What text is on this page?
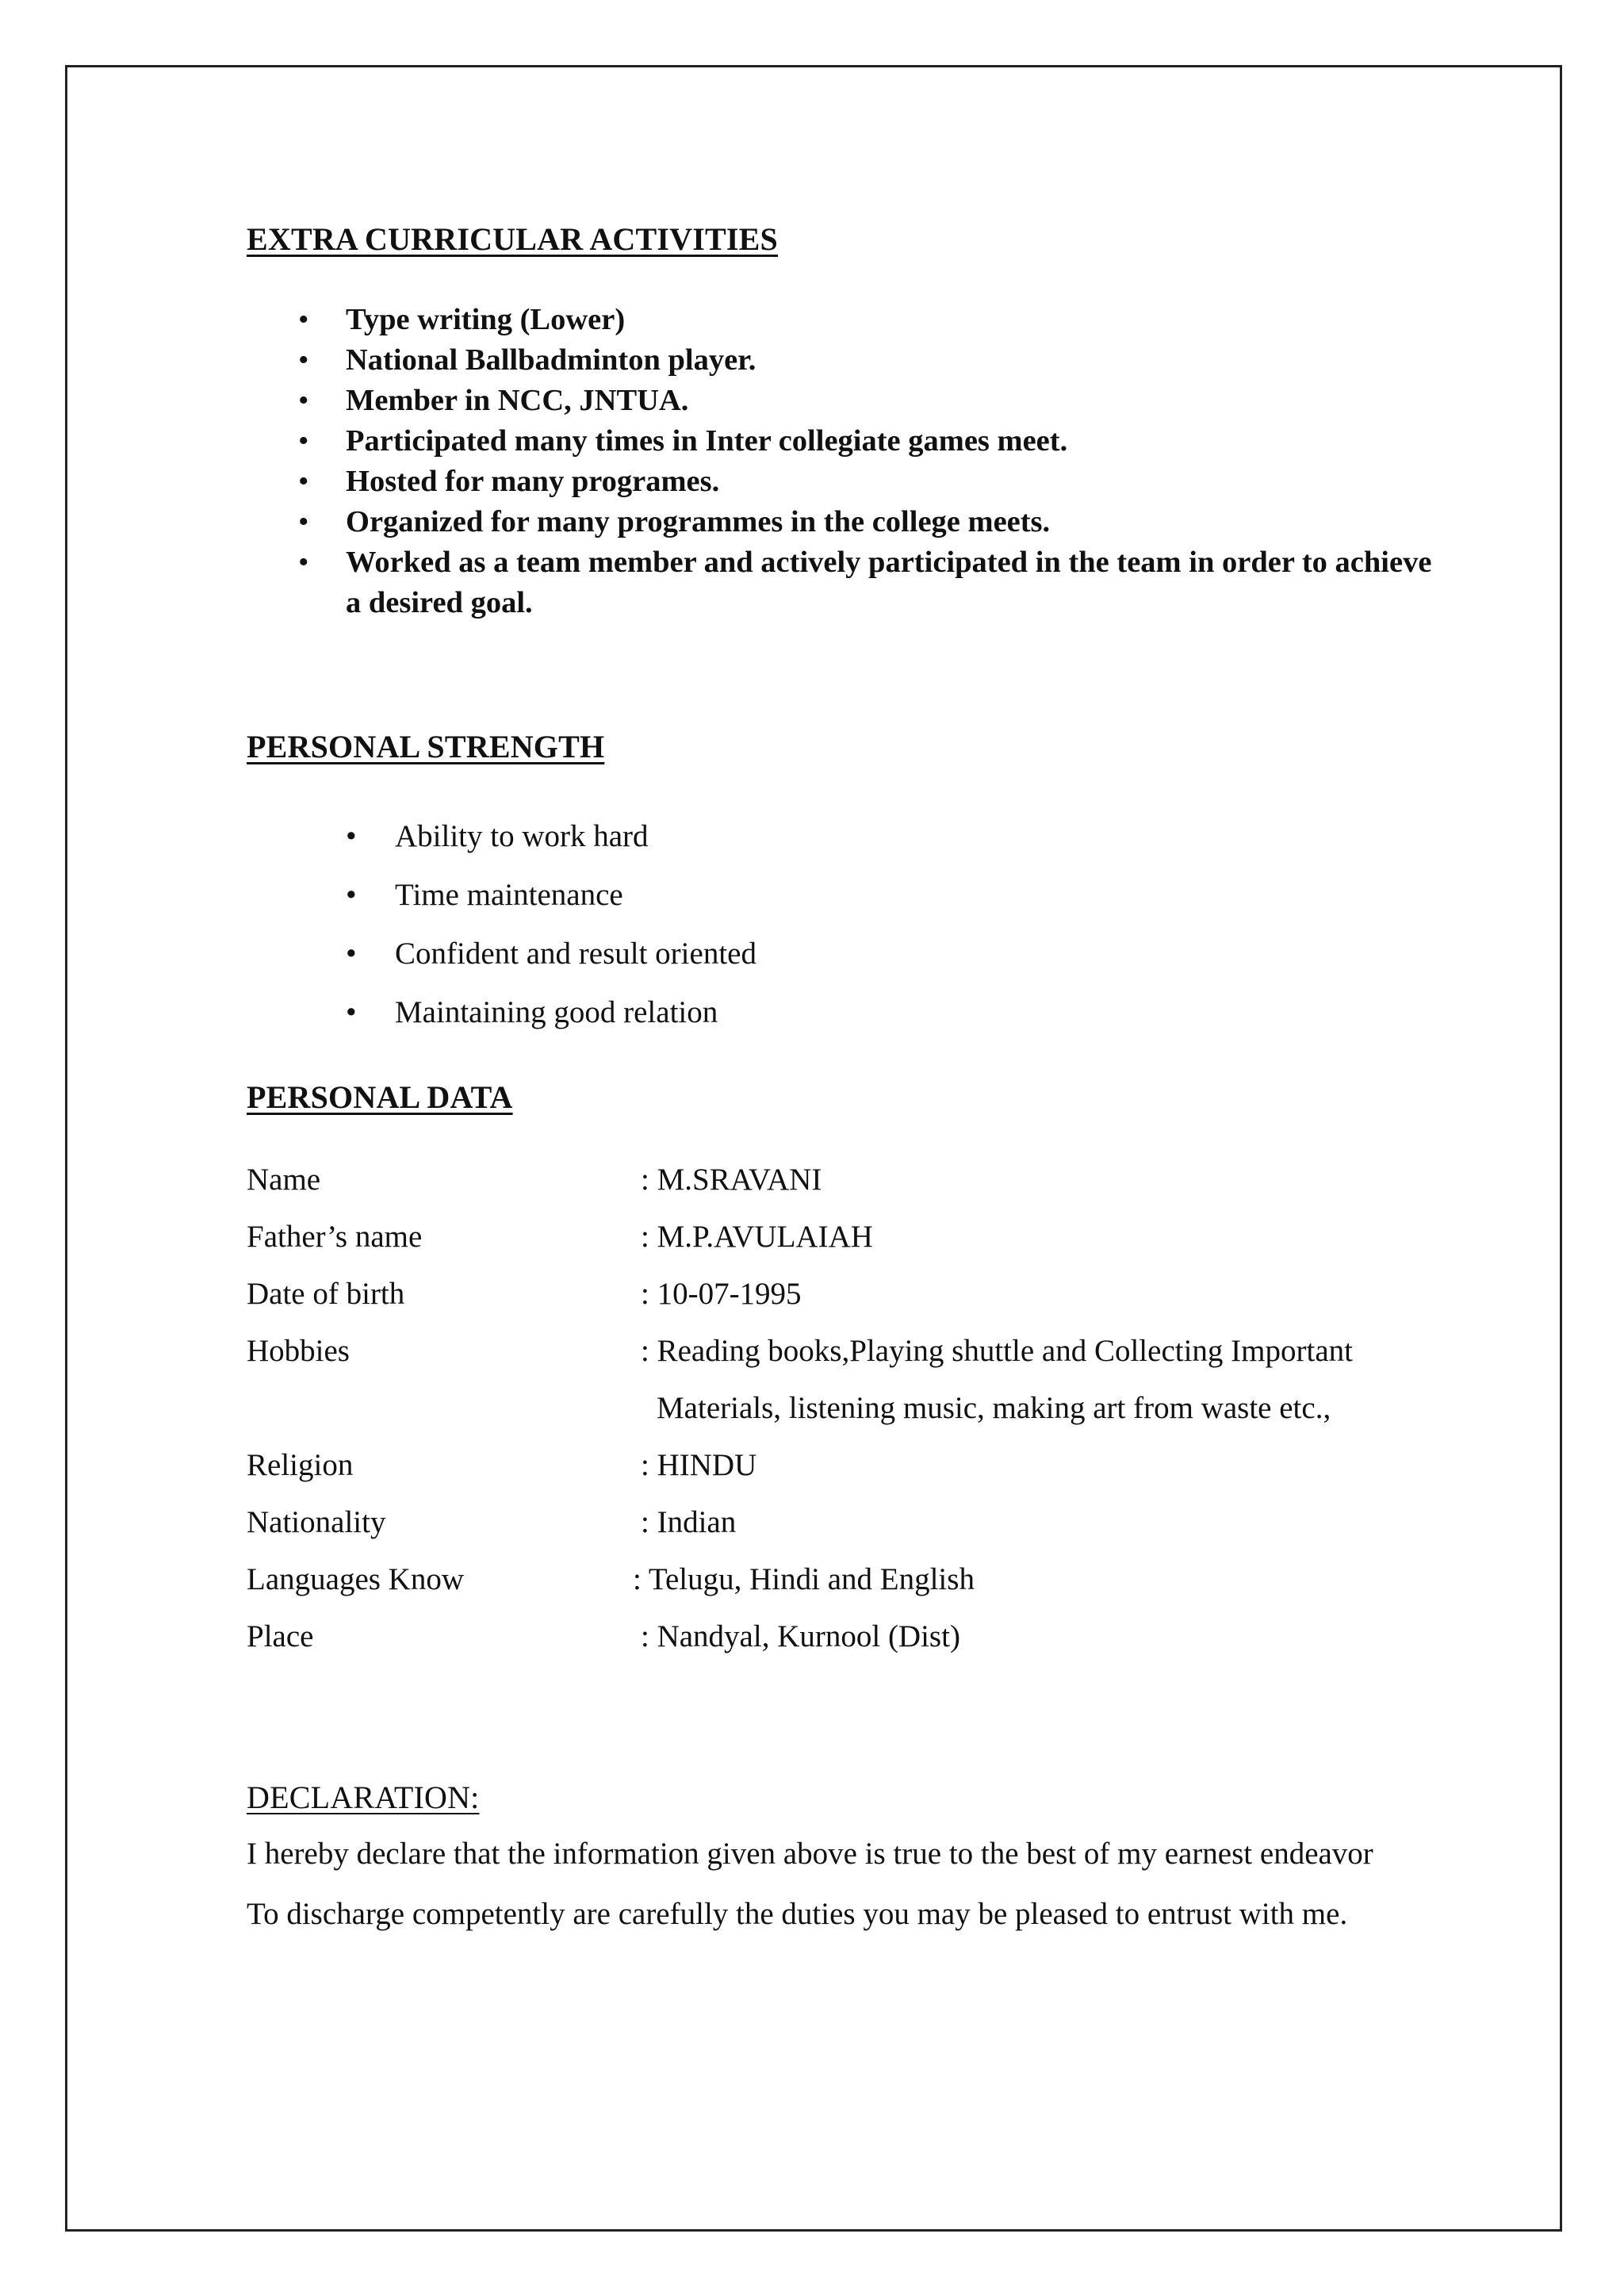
EXTRA CURRICULAR ACTIVITIES
• Type writing (Lower)
• National Ballbadminton player.
• Member in NCC, JNTUA.
• Participated many times in Inter collegiate games meet.
• Hosted for many programes.
• Organized for many programmes in the college meets.
• Worked as a team member and actively participated in the team in order to achieve a desired goal.
PERSONAL STRENGTH
• Ability to work hard
• Time maintenance
• Confident and result oriented
• Maintaining good relation
PERSONAL DATA
Name	: M.SRAVANI
Father’s name	: M.P.AVULAIAH
Date of birth	: 10-07-1995
Hobbies	: Reading books,Playing shuttle and Collecting Important
Materials, listening music, making art from waste etc.,
Religion	: HINDU
Nationality	: Indian
Languages Know	: Telugu, Hindi and English
Place	: Nandyal, Kurnool (Dist)
DECLARATION:

I hereby declare that the information given above is true to the best of my earnest endeavor

To discharge competently are carefully the duties you may be pleased to entrust with me.
